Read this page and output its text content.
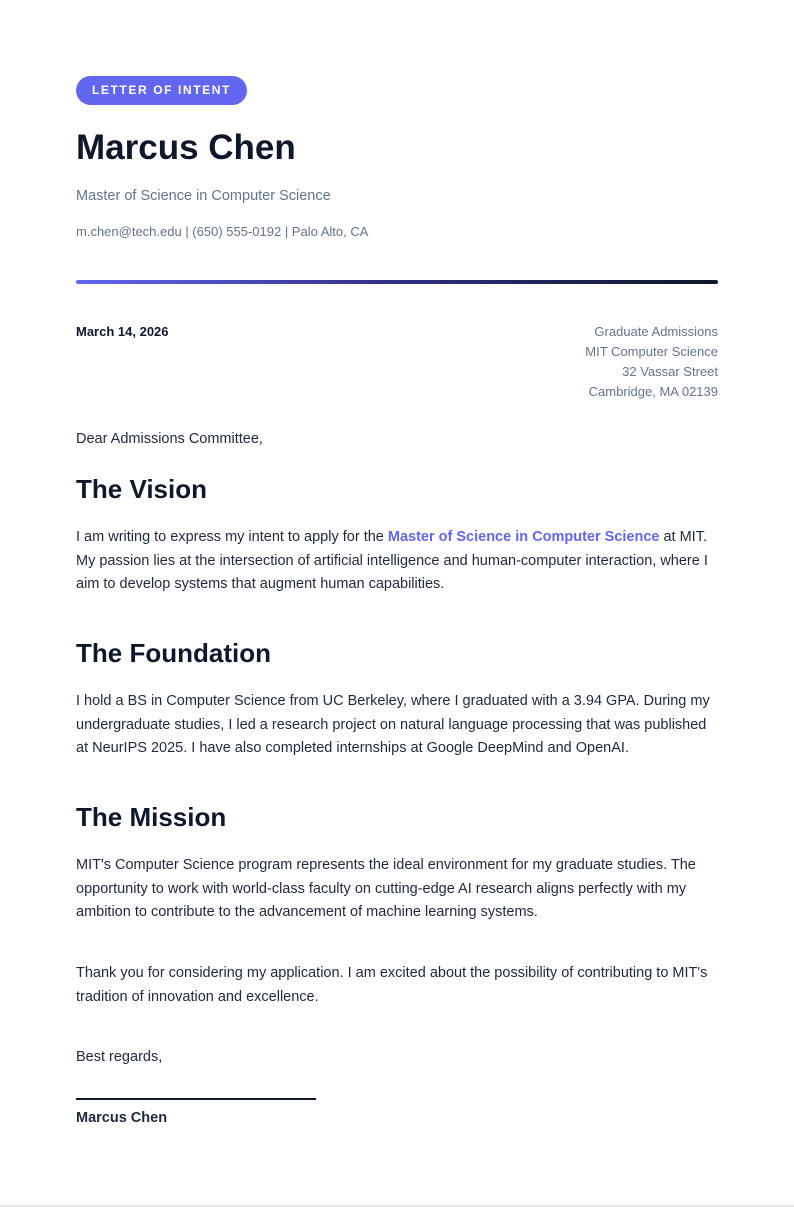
LETTER OF INTENT
Marcus Chen
Master of Science in Computer Science
m.chen@tech.edu | (650) 555-0192 | Palo Alto, CA
March 14, 2026	Graduate Admissions
MIT Computer Science
32 Vassar Street
Cambridge, MA 02139
Dear Admissions Committee,
The Vision

I am writing to express my intent to apply for the Master of Science in Computer Science at MIT. My passion lies at the intersection of artificial intelligence and human-computer interaction, where I aim to develop systems that augment human capabilities.

The Foundation

I hold a BS in Computer Science from UC Berkeley, where I graduated with a 3.94 GPA. During my undergraduate studies, I led a research project on natural language processing that was published at NeurIPS 2025. I have also completed internships at Google DeepMind and OpenAI.

The Mission

MIT's Computer Science program represents the ideal environment for my graduate studies. The opportunity to work with world-class faculty on cutting-edge AI research aligns perfectly with my ambition to contribute to the advancement of machine learning systems.

Thank you for considering my application. I am excited about the possibility of contributing to MIT's tradition of innovation and excellence.

Best regards,
Marcus Chen
